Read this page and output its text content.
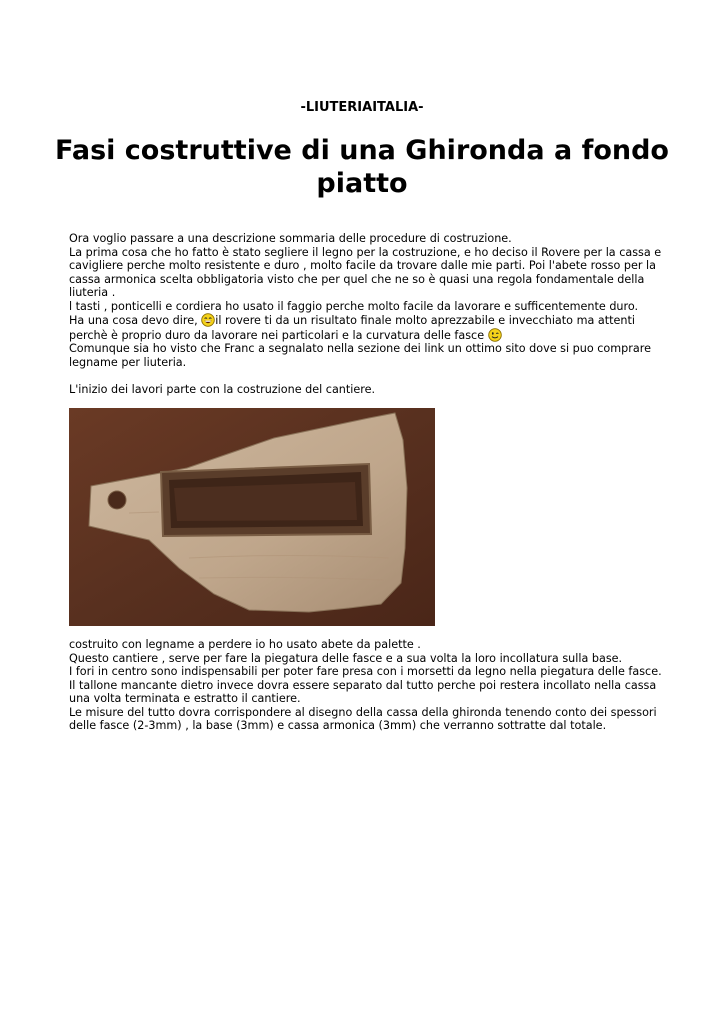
-LIUTERIAITALIA-
Fasi costruttive di una Ghironda a fondo piatto

Ora voglio passare a una descrizione sommaria delle procedure di costruzione.

La prima cosa che ho fatto è stato segliere il legno per la costruzione, e ho deciso il Rovere per la cassa e cavigliere perche molto resistente e duro , molto facile da trovare dalle mie parti. Poi l'abete rosso per la cassa armonica scelta obbligatoria visto che per quel che ne so è quasi una regola fondamentale della liuteria .

l tasti , ponticelli e cordiera ho usato il faggio perche molto facile da lavorare e sufficentemente duro.

Ha una cosa devo dire, il rovere ti da un risultato finale molto aprezzabile e invecchiato ma attenti perchè è proprio duro da lavorare nei particolari e la curvatura delle fasce

Comunque sia ho visto che Franc a segnalato nella sezione dei link un ottimo sito dove si puo comprare legname per liuteria.

L'inizio dei lavori parte con la costruzione del cantiere.

costruito con legname a perdere io ho usato abete da palette .

Questo cantiere , serve per fare la piegatura delle fasce e a sua volta la loro incollatura sulla base.

I fori in centro sono indispensabili per poter fare presa con i morsetti da legno nella piegatura delle fasce.

Il tallone mancante dietro invece dovra essere separato dal tutto perche poi restera incollato nella cassa una volta terminata e estratto il cantiere.

Le misure del tutto dovra corrispondere al disegno della cassa della ghironda tenendo conto dei spessori delle fasce (2-3mm) , la base (3mm) e cassa armonica (3mm) che verranno sottratte dal totale.
